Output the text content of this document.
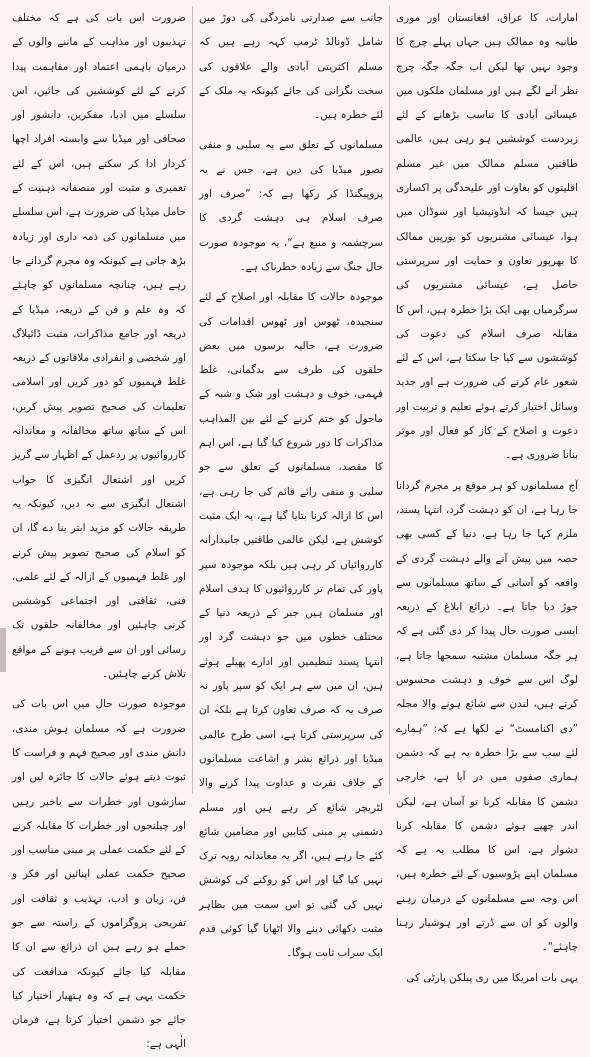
امارات، کا عراق، افغانستان اور موری طانیہ وہ ممالک ہیں جہاں پہلے چرچ کا وجود نہیں تھا لیکن اب جگہ جگہ چرچ نظر آنے لگے ہیں اور مسلمان ملکوں میں عیسائی آبادی کا تناسب بڑھانے کے لئے زبردست کوششیں ہو رہی ہیں، عالمی طاقتیں مسلم ممالک میں غیر مسلم اقلیتوں کو بغاوت اور علیحدگی پر اکساری ہیں جیسا کہ انڈونیشیا اور سوڈان میں ہوا، عیسائی مشنریوں کو یورپین ممالک کا بھرپور تعاون و حمایت اور سرپرستی حاصل ہے، عیسائی مشنریوں کی سرگرمیاں بھی ایک بڑا خطرہ ہیں، اس کا مقابلہ صرف اسلام کی دعوت کی کوششوں سے کیا جا سکتا ہے، اس کے لئے شعور عام کرنے کی ضرورت ہے اور جدید وسائل اختیار کرتے ہوئے تعلیم و تربیت اور دعوت و اصلاح کے کاز کو فعال اور موثر بنانا ضروری ہے۔

آج مسلمانوں کو ہر موقع پر مجرم گردانا جا رہا ہے، ان کو دہشت گرد، انتہا پسند، ملزم کہا جا رہا ہے، دنیا کے کسی بھی حصہ میں پیش آنے والے دہشت گردی کے واقعہ کو آسانی کے ساتھ مسلمانوں سے جوڑ دیا جاتا ہے۔ ذرائع ابلاغ کے ذریعہ ایسی صورت حال پیدا کر دی گئی ہے کہ ہر جگہ مسلمان مشتبہ سمجھا جاتا ہے، لوگ اس سے خوف و دہشت محسوس کرتے ہیں، لندن سے شائع ہونے والا مجلہ ”دی اکنامسٹ“ نے لکھا ہے کہ: ”ہمارے لئے سب سے بڑا خطرہ یہ ہے کہ دشمن ہماری صفوں میں در آیا ہے، خارجی دشمن کا مقابلہ کرنا تو آسان ہے، لیکن اندر چھپے ہوئے دشمن کا مقابلہ کرنا دشوار ہے، اس کا مطلب یہ ہے کہ مسلمان اپنے پڑوسیوں کے لئے خطرہ ہیں، اس وجہ سے مسلمانوں کے درمیان رہنے والوں کو ان سے ڈرتے اور ہوشیار رہنا چاہئے“۔

یہی بات امریکا میں ری پبلکن پارٹی کی

جانب سے صدارتی نامزدگی کی دوڑ میں شامل ڈونالڈ ٹرمپ کہہ رہے ہیں کہ مسلم اکثریتی آبادی والے علاقوں کی سخت نگرانی کی جائے کیونکہ یہ ملک کے لئے خطرہ ہیں۔

مسلمانوں کے تعلق سے یہ سلبی و منفی تصور میڈیا کی دین ہے، جس نے یہ پروپیگنڈا کر رکھا ہے کہ: ”صرف اور صرف اسلام ہی دہشت گردی کا سرچشمہ و منبع ہے“، یہ موجودہ صورت حال جنگ سے زیادہ خطرناک ہے۔

موجودہ حالات کا مقابلہ اور اصلاح کے لئے سنجیدہ، ٹھوس اور ٹھوس اقدامات کی ضرورت ہے، حالیہ برسوں میں بعض حلقوں کی طرف سے بدگمانی، غلط فہمی، خوف و دہشت اور شک و شبہ کے ماحول کو ختم کرنے کے لئے بین المذاہب مذاکرات کا دور شروع کیا گیا ہے، اس اہم کا مقصد، مسلمانوں کے تعلق سے جو سلبی و منفی رائے قائم کی جا رہی ہے، اس کا ازالہ کرنا بتایا گیا ہے، یہ ایک مثبت کوشش ہے، لیکن عالمی طاقتیں جانبدارانہ کارروائیاں کر رہی ہیں بلکہ موجودہ سپر پاور کی تمام تر کارروائیوں کا ہدف اسلام اور مسلمان ہیں جبر کے ذریعہ دنیا کے مختلف خطوں میں جو دہشت گرد اور انتہا پسند تنظیمیں اور ادارے پھیلے ہوئے ہیں، ان میں سے ہر ایک کو سپر پاور نہ صرف یہ کہ صرف تعاون کرتا ہے بلکہ ان کی سرپرستی کرتا ہے، اسی طرح عالمی میڈیا اور ذرائع نشر و اشاعت مسلمانوں کے خلاف نفرت و عداوت پیدا کرنے والا لٹریچر شائع کر رہے ہیں اور مسلم دشمنی پر مبنی کتابیں اور مضامین شائع کئے جا رہے ہیں، اگر یہ معاندانہ رویہ ترک نہیں کیا گیا اور اس کو روکنے کی کوشش نہیں کی گئی تو اس سمت میں بظاہر مثبت دکھائی دینے والا اٹھایا گیا کوئی قدم ایک سراب ثابت ہوگا۔

ضرورت اس بات کی ہے کہ مختلف تہذیبوں اور مذاہب کے ماننے والوں کے درمیان باہمی اعتماد اور مفاہمت پیدا کرنے کے لئے کوششیں کی جائیں، اس سلسلے میں ادبا، مفکرین، دانشور اور صحافی اور میڈیا سے وابستہ افراد اچھا کردار ادا کر سکتے ہیں، اس کے لئے تعمیری و مثبت اور منصفانہ ذہنیت کے حامل میڈیا کی ضرورت ہے، اس سلسلے میں مسلمانوں کی ذمہ داری اور زیادہ بڑھ جاتی ہے کیونکہ وہ مجرم گردانے جا رہے ہیں، چنانچہ مسلمانوں کو چاہئے کہ وہ علم و فن کے ذریعہ، میڈیا کے ذریعہ اور جامع مذاکرات، مثبت ڈائیلاگ اور شخصی و انفرادی ملاقاتوں کے ذریعہ غلط فہمیوں کو دور کریں اور اسلامی تعلیمات کی صحیح تصویر پیش کریں، اس کے ساتھ ساتھ مخالفانہ و معاندانہ کارروائیوں پر ردعمل کے اظہار سے گریز کریں اور اشتعال انگیزی کا جواب اشتعال انگیزی سے نہ دیں، کیونکہ یہ طریقہ حالات کو مزید ابتر بنا دے گا، ان کو اسلام کی صحیح تصویر پیش کرنے اور غلط فہمیوں کے ازالہ کے لئے علمی، فنی، ثقافتی اور اجتماعی کوششیں کرنی چاہئیں اور مخالفانہ حلقوں تک رسائی اور ان سے قریب ہونے کے مواقع تلاش کرنے چاہئیں۔

موجودہ صورت حال میں اس بات کی ضرورت ہے کہ مسلمان ہوش مندی، دانش مندی اور صحیح فہم و فراست کا ثبوت دیتے ہوئے حالات کا جائزہ لیں اور سازشوں اور خطرات سے باخبر رہیں اور چیلنجوں اور خطرات کا مقابلہ کرنے کے لئے حکمت عملی پر مبنی مناسب اور صحیح حکمت عملی اپنائیں اور فکر و فن، زبان و ادب، تہذیب و ثقافت اور تفریحی پروگراموں کے راستہ سے جو حملے ہو رہے ہیں ان ذرائع سے ان کا مقابلہ کیا جائے کیونکہ مدافعت کی حکمت یہی ہے کہ وہ ہتھیار اختیار کیا جائے جو دشمن اختیار کرتا ہے، فرمان الٰہی ہے:
